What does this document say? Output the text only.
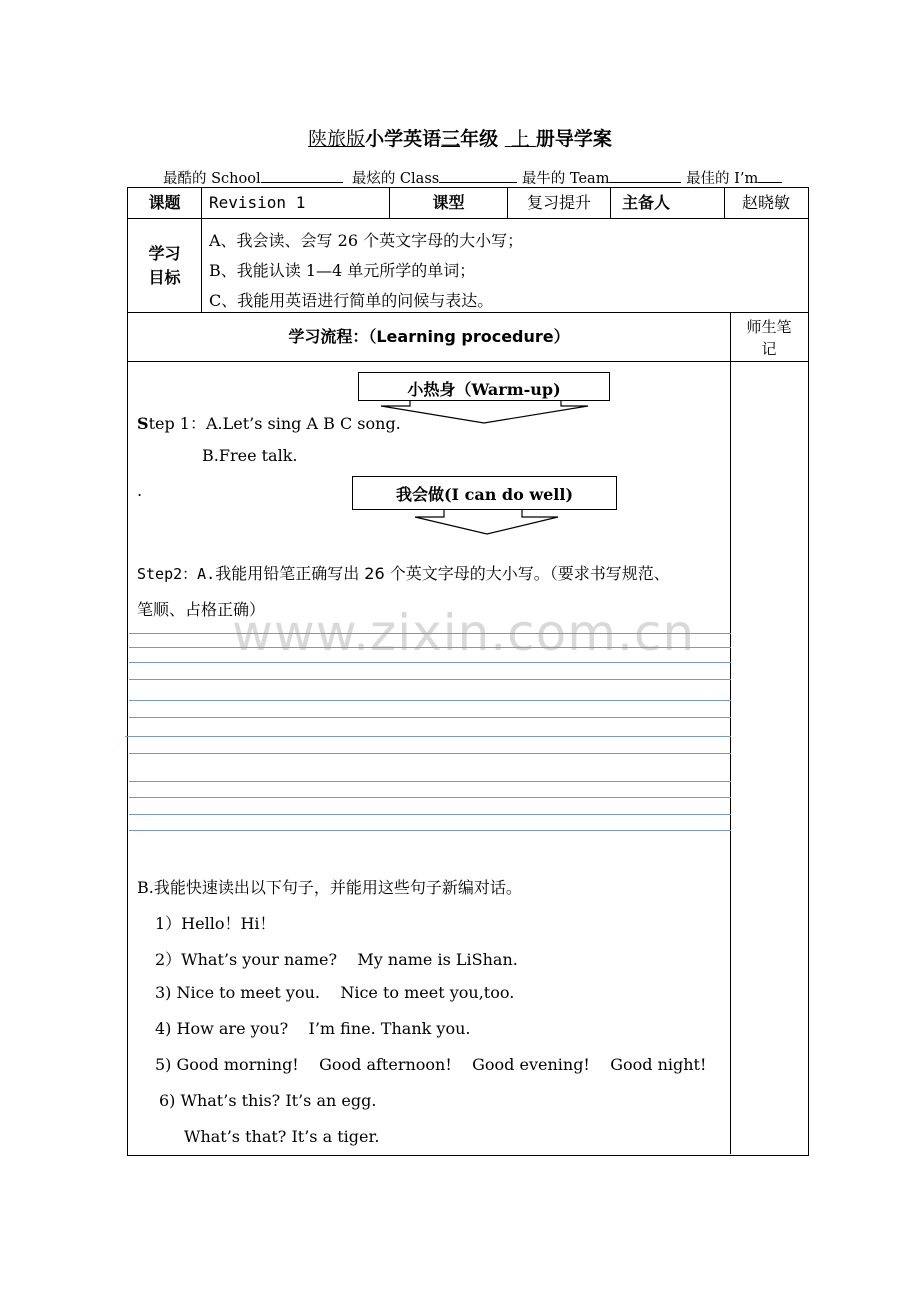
陕旅版小学英语三年级 上 册导学案
最酷的 School	最炫的 Class	最牛的 Team	最佳的 I’m
课题	Revision 1	课型	复习提升	主备人	赵晓敏
学习
目标
A、我会读、会写 26 个英文字母的大小写；
B、我能认读 1—4 单元所学的单词；
C、我能用英语进行简单的问候与表达。
学习流程：（Learning procedure）	师生笔
记
小热身（Warm-up)
Step 1：A.Let’s sing A B C song.
B.Free talk.
.	我会做(I can do well)
Step2：A.我能用铅笔正确写出 26 个英文字母的大小写。（要求书写规范、
笔顺、占格正确）
www.zixin.com.cn
B.我能快速读出以下句子，并能用这些句子新编对话。
1）Hello！Hi！
2）What’s your name?    My name is LiShan.
3) Nice to meet you.    Nice to meet you,too.
4) How are you?    I’m fine. Thank you.
5) Good morning!    Good afternoon!    Good evening!    Good night!
6) What’s this? It’s an egg.
What’s that? It’s a tiger.
